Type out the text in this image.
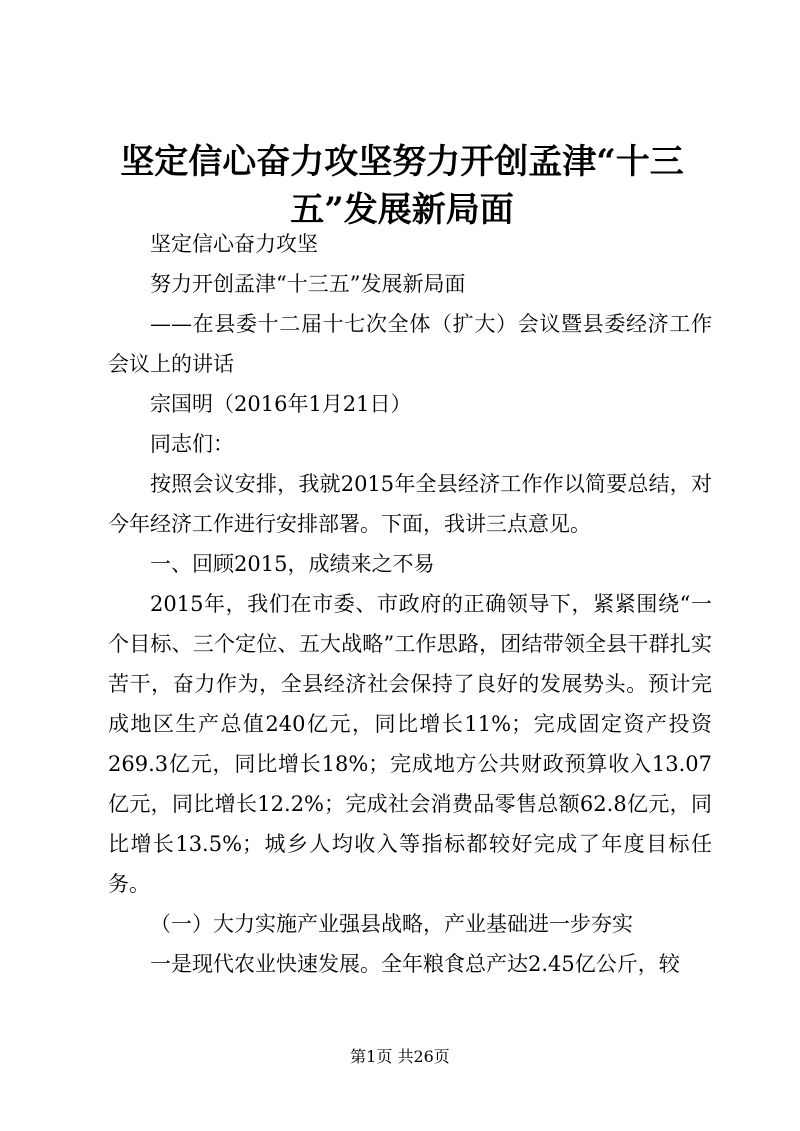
坚定信心奋力攻坚努力开创孟津“十三五”发展新局面

坚定信心奋力攻坚

努力开创孟津“十三五”发展新局面

——在县委十二届十七次全体（扩大）会议暨县委经济工作会议上的讲话

宗国明（2016年1月21日）

同志们：

按照会议安排，我就2015年全县经济工作作以简要总结，对今年经济工作进行安排部署。下面，我讲三点意见。

一、回顾2015，成绩来之不易

2015年，我们在市委、市政府的正确领导下，紧紧围绕“一个目标、三个定位、五大战略”工作思路，团结带领全县干群扎实苦干，奋力作为，全县经济社会保持了良好的发展势头。预计完成地区生产总值240亿元，同比增长11%；完成固定资产投资269.3亿元，同比增长18%；完成地方公共财政预算收入13.07亿元，同比增长12.2%；完成社会消费品零售总额62.8亿元，同比增长13.5%；城乡人均收入等指标都较好完成了年度目标任务。

（一）大力实施产业强县战略，产业基础进一步夯实

一是现代农业快速发展。全年粮食总产达2.45亿公斤，较

第1页 共26页
